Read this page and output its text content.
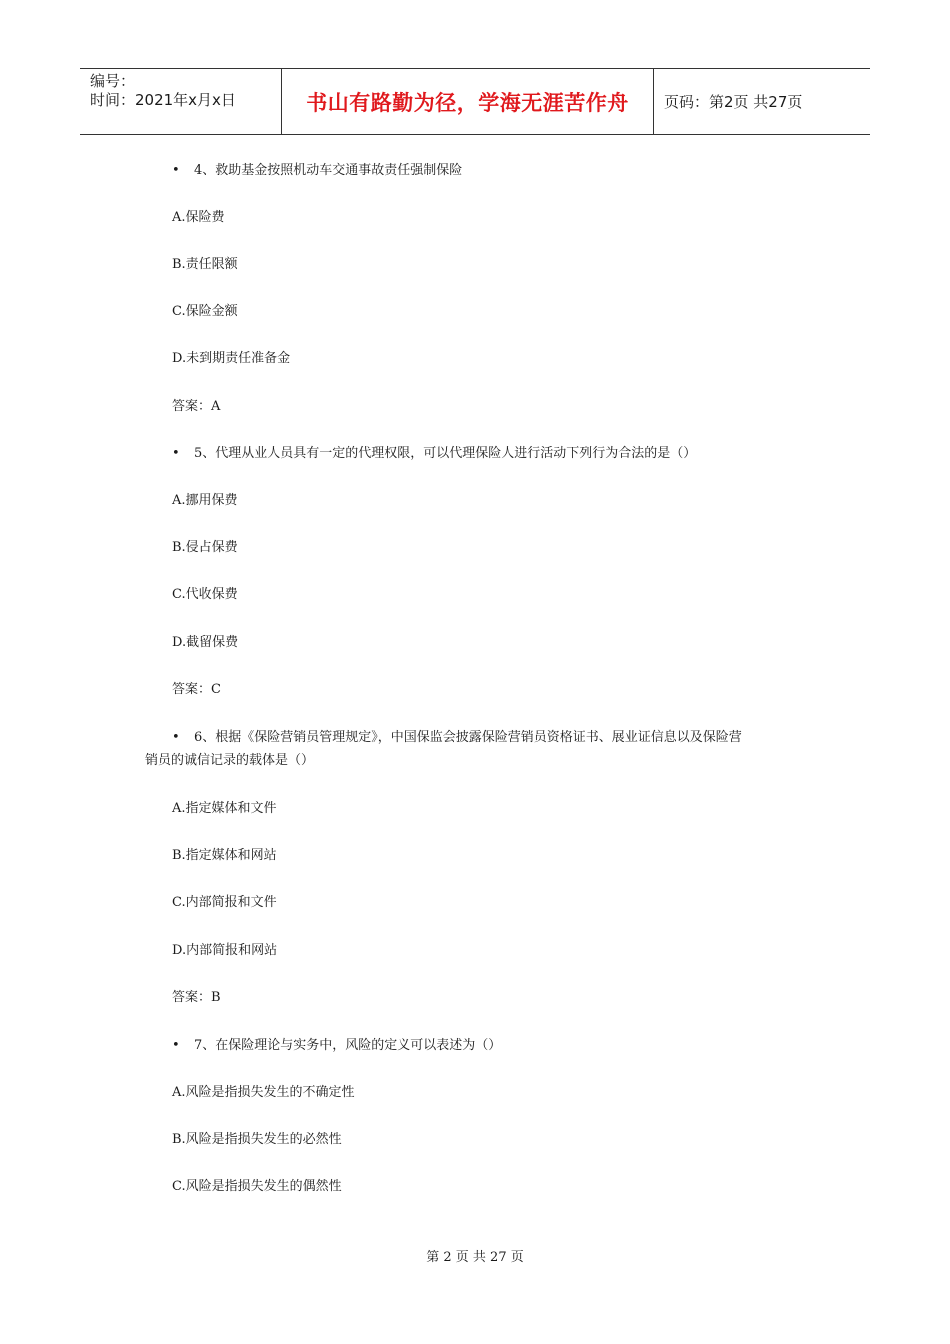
编号：
时间：2021年x月x日	书山有路勤为径，学海无涯苦作舟	页码：第2页 共27页
• 4、救助基金按照机动车交通事故责任强制保险
A.保险费
B.责任限额
C.保险金额
D.未到期责任准备金
答案：A
• 5、代理从业人员具有一定的代理权限，可以代理保险人进行活动下列行为合法的是（）
A.挪用保费
B.侵占保费
C.代收保费
D.截留保费
答案：C
• 6、根据《保险营销员管理规定》，中国保监会披露保险营销员资格证书、展业证信息以及保险营
销员的诚信记录的载体是（）
A.指定媒体和文件
B.指定媒体和网站
C.内部简报和文件
D.内部简报和网站
答案：B
• 7、在保险理论与实务中，风险的定义可以表述为（）
A.风险是指损失发生的不确定性
B.风险是指损失发生的必然性
C.风险是指损失发生的偶然性
第 2 页 共 27 页
